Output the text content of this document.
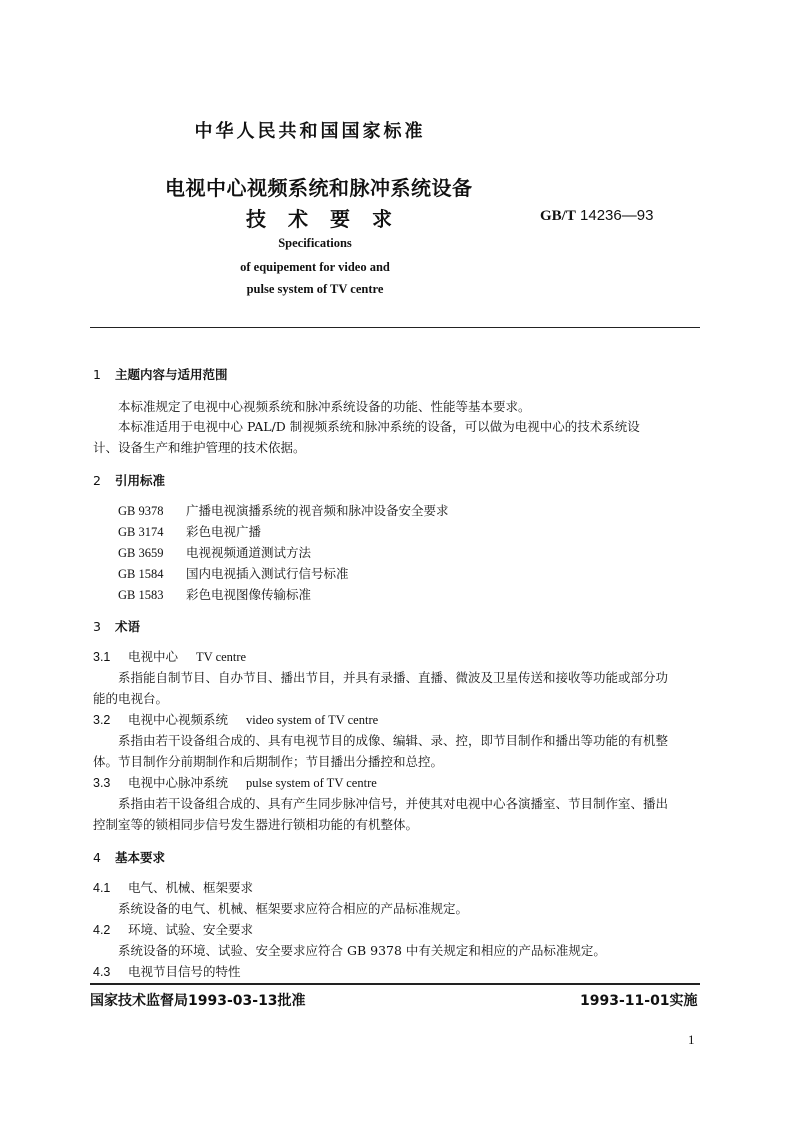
中华人民共和国国家标准
电视中心视频系统和脉冲系统设备
技术要求	GB/T 14236—93
Specifications
of equipement for video and
pulse system of TV centre
1 主题内容与适用范围
本标准规定了电视中心视频系统和脉冲系统设备的功能、性能等基本要求。
本标准适用于电视中心 PAL/D 制视频系统和脉冲系统的设备，可以做为电视中心的技术系统设
计、设备生产和维护管理的技术依据。
2 引用标准
GB 9378 广播电视演播系统的视音频和脉冲设备安全要求
GB 3174 彩色电视广播
GB 3659 电视视频通道测试方法
GB 1584 国内电视插入测试行信号标准
GB 1583 彩色电视图像传输标准
3 术语
3.1 电视中心 TV centre
系指能自制节目、自办节目、播出节目，并具有录播、直播、微波及卫星传送和接收等功能或部分功
能的电视台。
3.2 电视中心视频系统 video system of TV centre
系指由若干设备组合成的、具有电视节目的成像、编辑、录、控，即节目制作和播出等功能的有机整
体。节目制作分前期制作和后期制作；节目播出分播控和总控。
3.3 电视中心脉冲系统 pulse system of TV centre
系指由若干设备组合成的、具有产生同步脉冲信号，并使其对电视中心各演播室、节目制作室、播出
控制室等的锁相同步信号发生器进行锁相功能的有机整体。
4 基本要求
4.1 电气、机械、框架要求
系统设备的电气、机械、框架要求应符合相应的产品标准规定。
4.2 环境、试验、安全要求
系统设备的环境、试验、安全要求应符合 GB 9378 中有关规定和相应的产品标准规定。
4.3 电视节目信号的特性
国家技术监督局1993-03-13批准	1993-11-01实施
1
